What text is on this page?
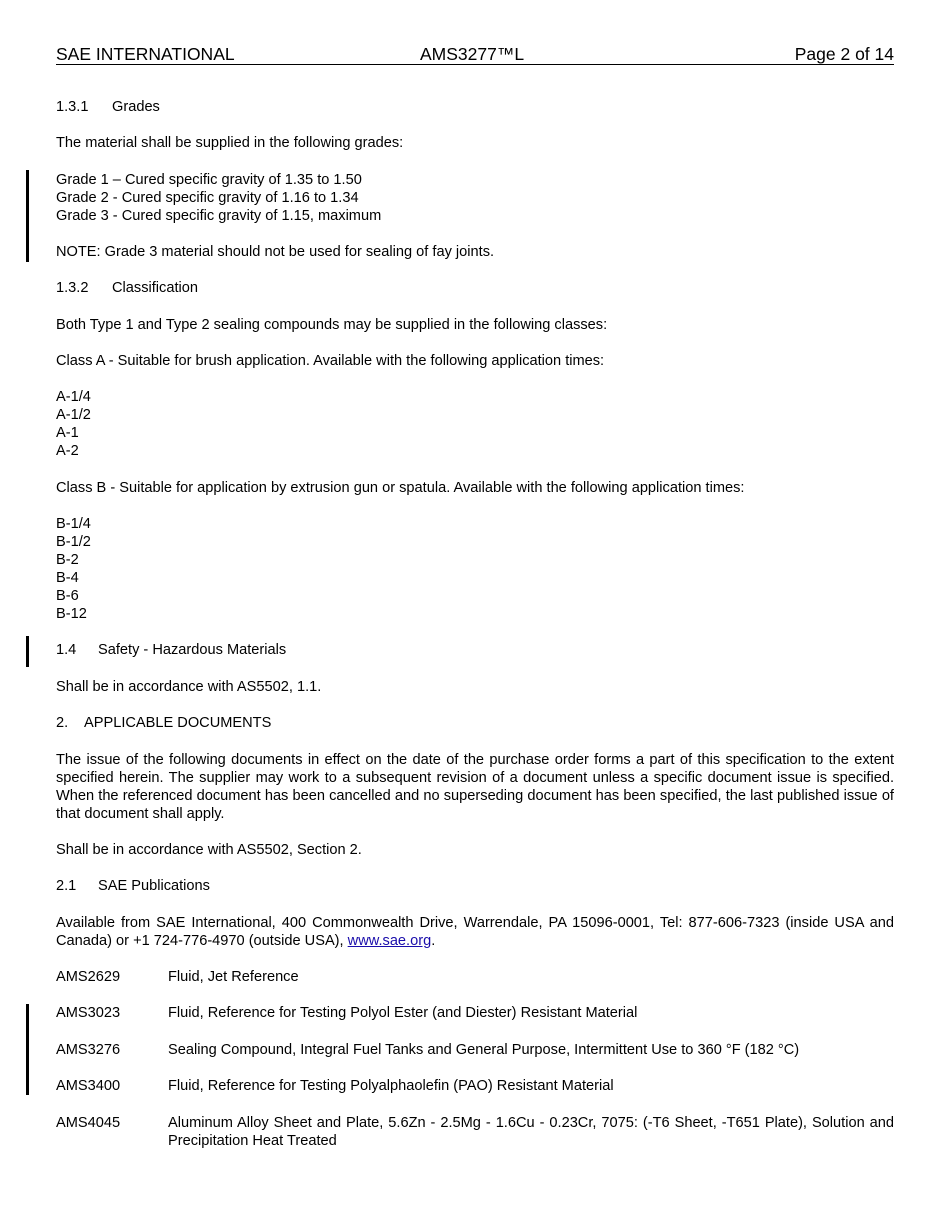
SAE INTERNATIONAL	AMS3277™L	Page 2 of 14
1.3.1 Grades
The material shall be supplied in the following grades:
Grade 1 – Cured specific gravity of 1.35 to 1.50
Grade 2 - Cured specific gravity of 1.16 to 1.34
Grade 3 - Cured specific gravity of 1.15, maximum
NOTE: Grade 3 material should not be used for sealing of fay joints.
1.3.2 Classification
Both Type 1 and Type 2 sealing compounds may be supplied in the following classes:
Class A - Suitable for brush application. Available with the following application times:
A-1/4
A-1/2
A-1
A-2
Class B - Suitable for application by extrusion gun or spatula. Available with the following application times:
B-1/4
B-1/2
B-2
B-4
B-6
B-12
1.4 Safety - Hazardous Materials
Shall be in accordance with AS5502, 1.1.
2. APPLICABLE DOCUMENTS
The issue of the following documents in effect on the date of the purchase order forms a part of this specification to the extent specified herein. The supplier may work to a subsequent revision of a document unless a specific document issue is specified. When the referenced document has been cancelled and no superseding document has been specified, the last published issue of that document shall apply.
Shall be in accordance with AS5502, Section 2.
2.1 SAE Publications
Available from SAE International, 400 Commonwealth Drive, Warrendale, PA 15096-0001, Tel: 877-606-7323 (inside USA and Canada) or +1 724-776-4970 (outside USA), www.sae.org.
AMS2629	Fluid, Jet Reference
AMS3023	Fluid, Reference for Testing Polyol Ester (and Diester) Resistant Material
AMS3276	Sealing Compound, Integral Fuel Tanks and General Purpose, Intermittent Use to 360 °F (182 °C)
AMS3400	Fluid, Reference for Testing Polyalphaolefin (PAO) Resistant Material
AMS4045	Aluminum Alloy Sheet and Plate, 5.6Zn - 2.5Mg - 1.6Cu - 0.23Cr, 7075: (-T6 Sheet, -T651 Plate), Solution and Precipitation Heat Treated
